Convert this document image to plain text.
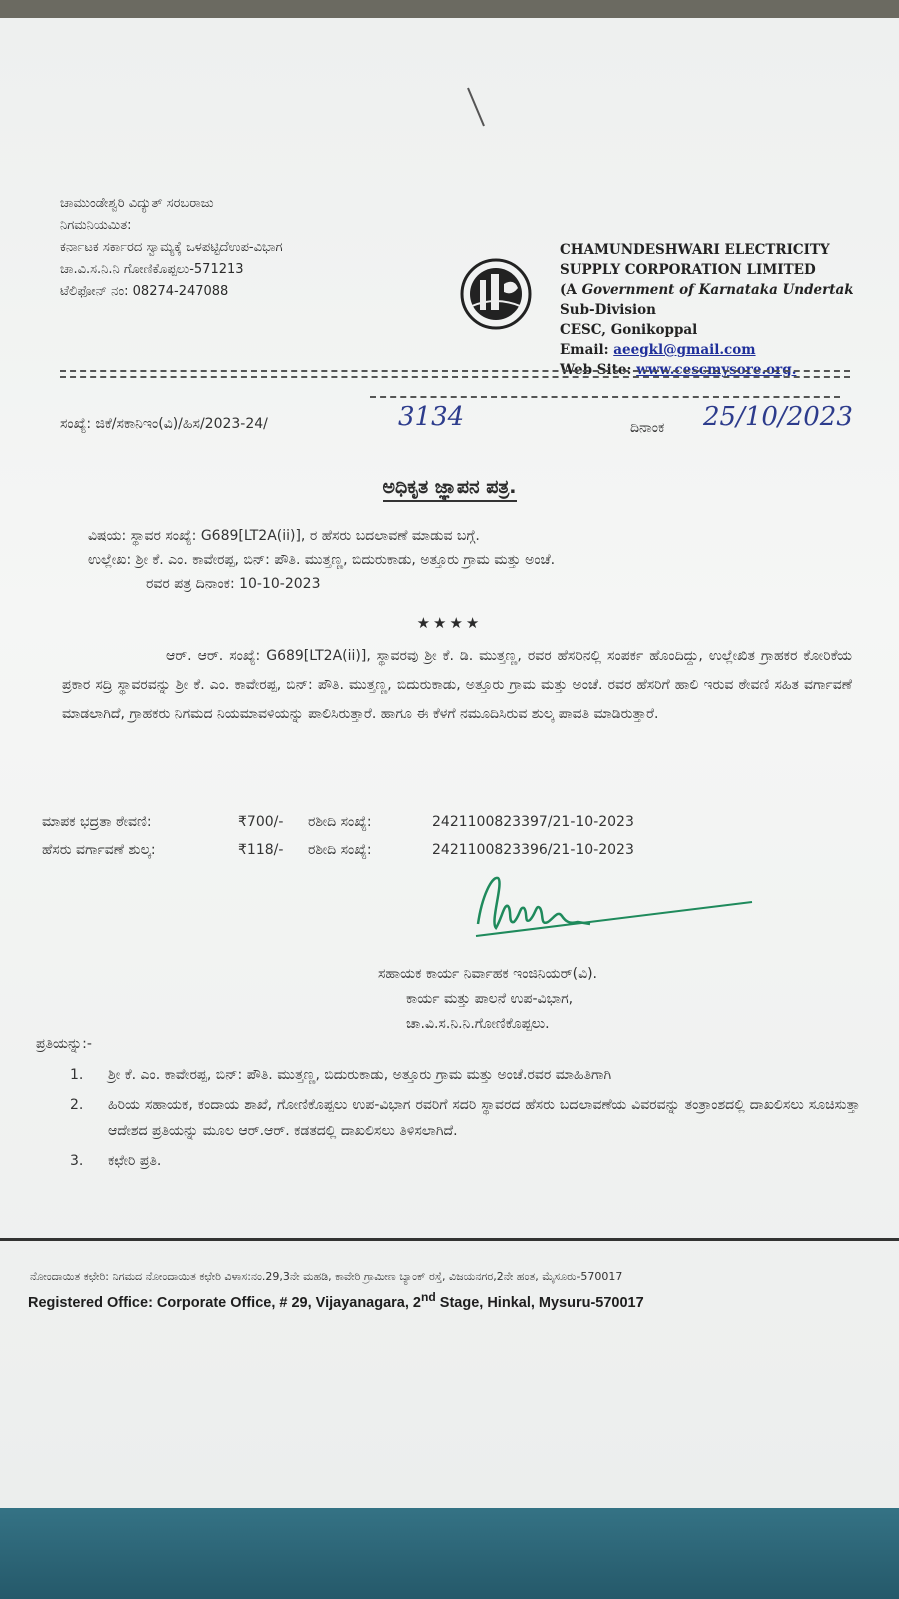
ಚಾಮುಂಡೇಶ್ವರಿ ವಿದ್ಯುತ್ ಸರಬರಾಜು
ನಿಗಮನಿಯಮಿತ:
ಕರ್ನಾಟಕ ಸರ್ಕಾರದ ಸ್ವಾಮ್ಯಕ್ಕೆ ಒಳಪಟ್ಟಿದೆಉಪ-ವಿಭಾಗ
ಚಾ.ವಿ.ಸ.ನಿ.ನಿ ಗೋಣಿಕೊಪ್ಪಲು-571213
ಟೆಲಿಫೋನ್ ನಂ: 08274-247088
CHAMUNDESHWARI ELECTRICITY
SUPPLY CORPORATION LIMITED
(A Government of Karnataka Undertak
Sub-Division
CESC, Gonikoppal
Email: aeegkl@gmail.com
Web Site: www.cescmysore.org.
ಸಂಖ್ಯೆ: ಜಿಕೆ/ಸಕಾನಿಇಂ(ವಿ)/ಹಿಸ/2023-24/	3134	ದಿನಾಂಕ 25/10/2023
ಅಧಿಕೃತ ಜ್ಞಾಪನ ಪತ್ರ.
ವಿಷಯ: ಸ್ಥಾವರ ಸಂಖ್ಯೆ: G689[LT2A(ii)], ರ ಹೆಸರು ಬದಲಾವಣೆ ಮಾಡುವ ಬಗ್ಗೆ.
ಉಲ್ಲೇಖ: ಶ್ರೀ ಕೆ. ಎಂ. ಕಾವೇರಪ್ಪ, ಬಿನ್: ಪೌತಿ. ಮುತ್ತಣ್ಣ, ಬಿದುರುಕಾಡು, ಅತ್ತೂರು ಗ್ರಾಮ ಮತ್ತು ಅಂಚೆ.
ರವರ ಪತ್ರ ದಿನಾಂಕ: 10-10-2023
★★★★
ಆರ್. ಆರ್. ಸಂಖ್ಯೆ: G689[LT2A(ii)], ಸ್ಥಾವರವು ಶ್ರೀ ಕೆ. ಡಿ. ಮುತ್ತಣ್ಣ, ರವರ ಹೆಸರಿನಲ್ಲಿ ಸಂಪರ್ಕ ಹೊಂದಿದ್ದು, ಉಲ್ಲೇಖಿತ ಗ್ರಾಹಕರ ಕೋರಿಕೆಯ ಪ್ರಕಾರ ಸದ್ರಿ ಸ್ಥಾವರವನ್ನು ಶ್ರೀ ಕೆ. ಎಂ. ಕಾವೇರಪ್ಪ, ಬಿನ್: ಪೌತಿ. ಮುತ್ತಣ್ಣ, ಬಿದುರುಕಾಡು, ಅತ್ತೂರು ಗ್ರಾಮ ಮತ್ತು ಅಂಚೆ. ರವರ ಹೆಸರಿಗೆ ಹಾಲಿ ಇರುವ ಠೇವಣಿ ಸಹಿತ ವರ್ಗಾವಣೆ ಮಾಡಲಾಗಿದೆ, ಗ್ರಾಹಕರು ನಿಗಮದ ನಿಯಮಾವಳಿಯನ್ನು ಪಾಲಿಸಿರುತ್ತಾರೆ. ಹಾಗೂ ಈ ಕೆಳಗೆ ನಮೂದಿಸಿರುವ ಶುಲ್ಕ ಪಾವತಿ ಮಾಡಿರುತ್ತಾರೆ.
ಮಾಪಕ ಭದ್ರತಾ ಠೇವಣಿ:	₹700/-	ರಶೀದಿ ಸಂಖ್ಯೆ:	2421100823397/21-10-2023
ಹೆಸರು ವರ್ಗಾವಣೆ ಶುಲ್ಕ:	₹118/-	ರಶೀದಿ ಸಂಖ್ಯೆ:	2421100823396/21-10-2023
ಸಹಾಯಕ ಕಾರ್ಯ ನಿರ್ವಾಹಕ ಇಂಜಿನಿಯರ್(ವಿ).
ಕಾರ್ಯ ಮತ್ತು ಪಾಲನೆ ಉಪ-ವಿಭಾಗ,
ಚಾ.ವಿ.ಸ.ನಿ.ನಿ.ಗೋಣಿಕೊಪ್ಪಲು.
ಪ್ರತಿಯನ್ನು:-
1.	ಶ್ರೀ ಕೆ. ಎಂ. ಕಾವೇರಪ್ಪ, ಬಿನ್: ಪೌತಿ. ಮುತ್ತಣ್ಣ, ಬಿದುರುಕಾಡು, ಅತ್ತೂರು ಗ್ರಾಮ ಮತ್ತು ಅಂಚೆ.ರವರ ಮಾಹಿತಿಗಾಗಿ
2.	ಹಿರಿಯ ಸಹಾಯಕ, ಕಂದಾಯ ಶಾಖೆ, ಗೋಣಿಕೊಪ್ಪಲು ಉಪ-ವಿಭಾಗ ರವರಿಗೆ ಸದರಿ ಸ್ಥಾವರದ ಹೆಸರು ಬದಲಾವಣೆಯ ವಿವರವನ್ನು ತಂತ್ರಾಂಶದಲ್ಲಿ ದಾಖಲಿಸಲು ಸೂಚಿಸುತ್ತಾ ಆದೇಶದ ಪ್ರತಿಯನ್ನು ಮೂಲ ಆರ್.ಆರ್. ಕಡತದಲ್ಲಿ ದಾಖಲಿಸಲು ತಿಳಿಸಲಾಗಿದೆ.
3.	ಕಛೇರಿ ಪ್ರತಿ.
ನೋಂದಾಯಿತ ಕಛೇರಿ: ನಿಗಮದ ನೋಂದಾಯಿತ ಕಛೇರಿ ವಿಳಾಸ:ನಂ.29,3ನೇ ಮಹಡಿ, ಕಾವೇರಿ ಗ್ರಾಮೀಣ ಬ್ಯಾಂಕ್ ರಸ್ತೆ, ವಿಜಯನಗರ,2ನೇ ಹಂತ, ಮೈಸೂರು-570017
Registered Office: Corporate Office, # 29, Vijayanagara, 2nd Stage, Hinkal, Mysuru-570017
